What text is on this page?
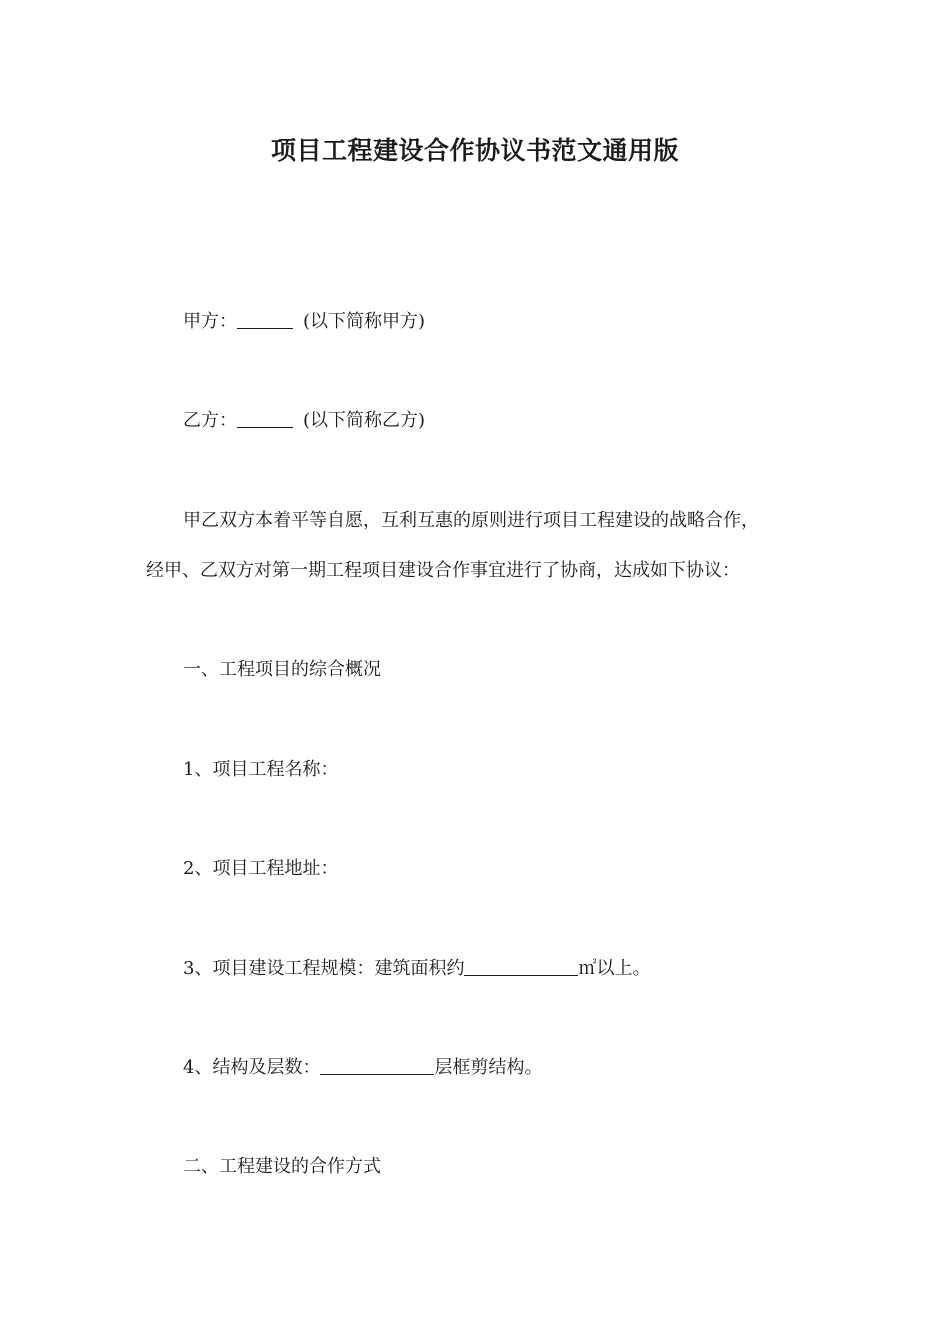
项目工程建设合作协议书范文通用版
甲方：	(以下简称甲方)
乙方：	(以下简称乙方)
甲乙双方本着平等自愿，互利互惠的原则进行项目工程建设的战略合作，
经甲、乙双方对第一期工程项目建设合作事宜进行了协商，达成如下协议：
一、工程项目的综合概况
1、项目工程名称：
2、项目工程地址：
3、项目建设工程规模：建筑面积约	㎡以上。
4、结构及层数：	层框剪结构。
二、工程建设的合作方式
